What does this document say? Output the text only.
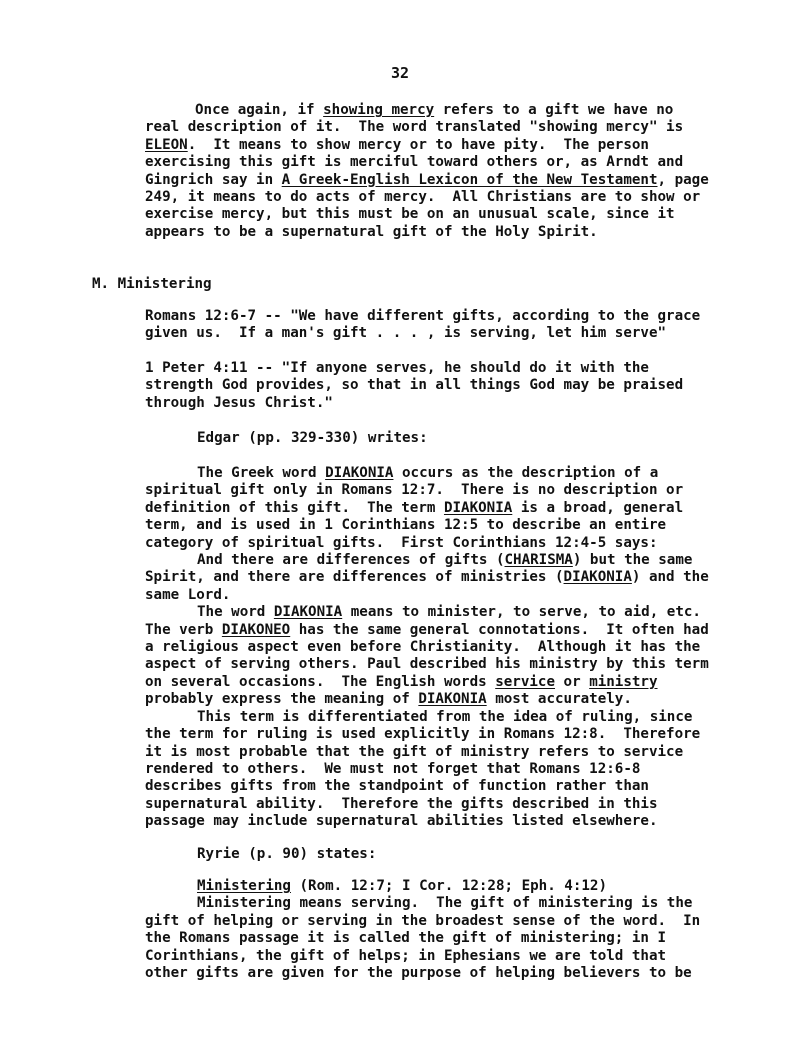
32
Once again, if showing mercy refers to a gift we have no
real description of it.  The word translated "showing mercy" is
ELEON.  It means to show mercy or to have pity.  The person
exercising this gift is merciful toward others or, as Arndt and
Gingrich say in A Greek-English Lexicon of the New Testament, page
249, it means to do acts of mercy.  All Christians are to show or
exercise mercy, but this must be on an unusual scale, since it
appears to be a supernatural gift of the Holy Spirit.
M. Ministering
Romans 12:6-7 -- "We have different gifts, according to the grace
given us.  If a man's gift . . . , is serving, let him serve"
1 Peter 4:11 -- "If anyone serves, he should do it with the
strength God provides, so that in all things God may be praised
through Jesus Christ."
Edgar (pp. 329-330) writes:
The Greek word DIAKONIA occurs as the description of a
spiritual gift only in Romans 12:7.  There is no description or
definition of this gift.  The term DIAKONIA is a broad, general
term, and is used in 1 Corinthians 12:5 to describe an entire
category of spiritual gifts.  First Corinthians 12:4-5 says:
And there are differences of gifts (CHARISMA) but the same
Spirit, and there are differences of ministries (DIAKONIA) and the
same Lord.
The word DIAKONIA means to minister, to serve, to aid, etc.
The verb DIAKONEO has the same general connotations.  It often had
a religious aspect even before Christianity.  Although it has the
aspect of serving others. Paul described his ministry by this term
on several occasions.  The English words service or ministry
probably express the meaning of DIAKONIA most accurately.
This term is differentiated from the idea of ruling, since
the term for ruling is used explicitly in Romans 12:8.  Therefore
it is most probable that the gift of ministry refers to service
rendered to others.  We must not forget that Romans 12:6-8
describes gifts from the standpoint of function rather than
supernatural ability.  Therefore the gifts described in this
passage may include supernatural abilities listed elsewhere.
Ryrie (p. 90) states:
Ministering (Rom. 12:7; I Cor. 12:28; Eph. 4:12)
Ministering means serving.  The gift of ministering is the
gift of helping or serving in the broadest sense of the word.  In
the Romans passage it is called the gift of ministering; in I
Corinthians, the gift of helps; in Ephesians we are told that
other gifts are given for the purpose of helping believers to be
